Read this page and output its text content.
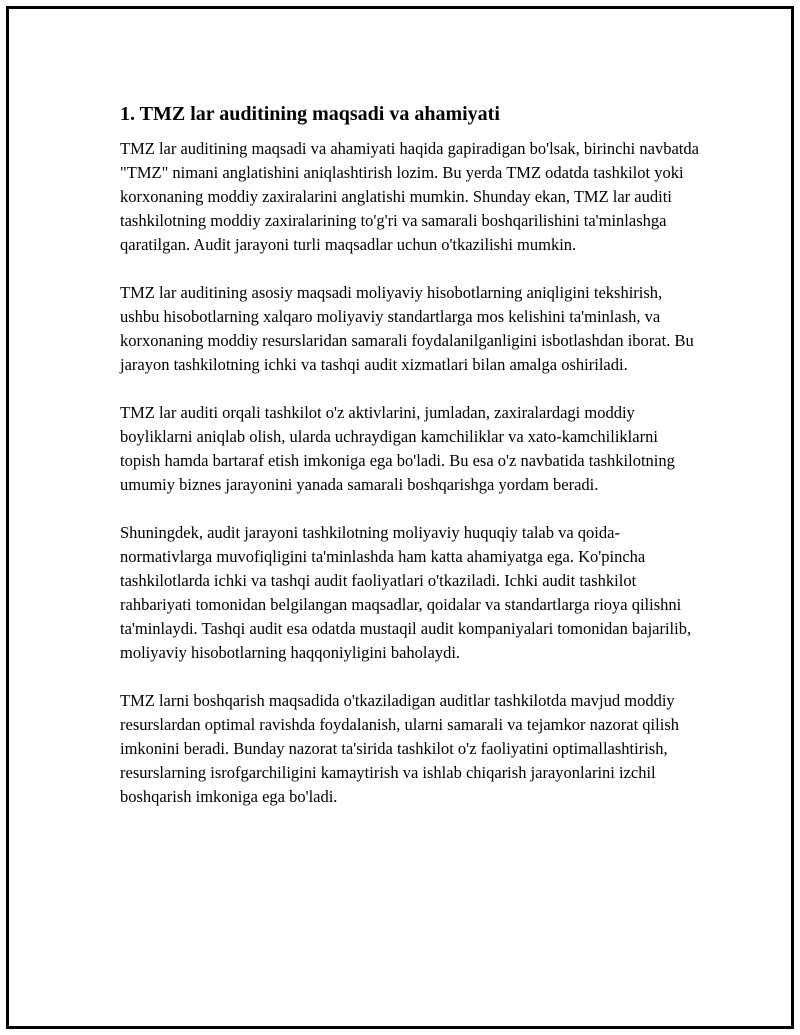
1. TMZ lar auditining maqsadi va ahamiyati

TMZ lar auditining maqsadi va ahamiyati haqida gapiradigan bo'lsak, birinchi navbatda "TMZ" nimani anglatishini aniqlashtirish lozim. Bu yerda TMZ odatda tashkilot yoki korxonaning moddiy zaxiralarini anglatishi mumkin. Shunday ekan, TMZ lar auditi tashkilotning moddiy zaxiralarining to'g'ri va samarali boshqarilishini ta'minlashga qaratilgan. Audit jarayoni turli maqsadlar uchun o'tkazilishi mumkin.

TMZ lar auditining asosiy maqsadi moliyaviy hisobotlarning aniqligini tekshirish, ushbu hisobotlarning xalqaro moliyaviy standartlarga mos kelishini ta'minlash, va korxonaning moddiy resurslaridan samarali foydalanilganligini isbotlashdan iborat. Bu jarayon tashkilotning ichki va tashqi audit xizmatlari bilan amalga oshiriladi.

TMZ lar auditi orqali tashkilot o'z aktivlarini, jumladan, zaxiralardagi moddiy boyliklarni aniqlab olish, ularda uchraydigan kamchiliklar va xato-kamchiliklarni topish hamda bartaraf etish imkoniga ega bo'ladi. Bu esa o'z navbatida tashkilotning umumiy biznes jarayonini yanada samarali boshqarishga yordam beradi.

Shuningdek, audit jarayoni tashkilotning moliyaviy huquqiy talab va qoida-normativlarga muvofiqligini ta'minlashda ham katta ahamiyatga ega. Ko'pincha tashkilotlarda ichki va tashqi audit faoliyatlari o'tkaziladi. Ichki audit tashkilot rahbariyati tomonidan belgilangan maqsadlar, qoidalar va standartlarga rioya qilishni ta'minlaydi. Tashqi audit esa odatda mustaqil audit kompaniyalari tomonidan bajarilib, moliyaviy hisobotlarning haqqoniyligini baholaydi.

TMZ larni boshqarish maqsadida o'tkaziladigan auditlar tashkilotda mavjud moddiy resurslardan optimal ravishda foydalanish, ularni samarali va tejamkor nazorat qilish imkonini beradi. Bunday nazorat ta'sirida tashkilot o'z faoliyatini optimallashtirish, resurslarning isrofgarchiligini kamaytirish va ishlab chiqarish jarayonlarini izchil boshqarish imkoniga ega bo'ladi.
